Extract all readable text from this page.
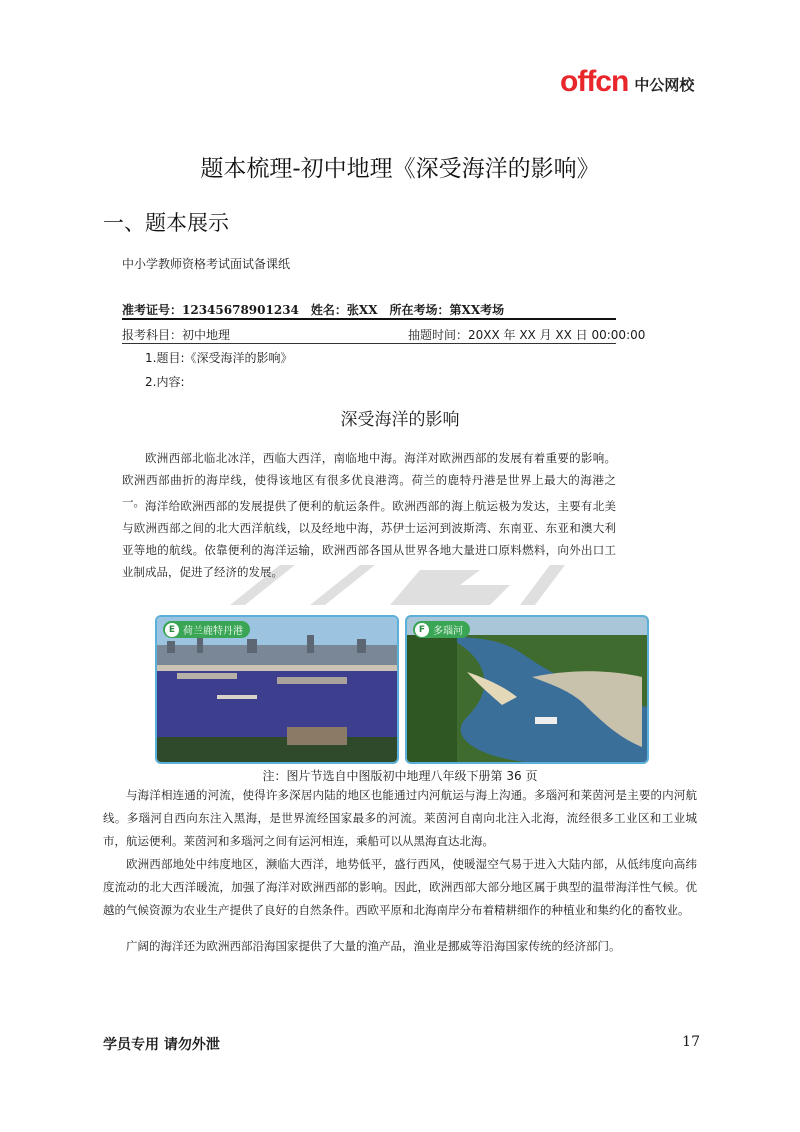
offcn 中公网校
题本梳理-初中地理《深受海洋的影响》
一、题本展示
中小学教师资格考试面试备课纸
准考证号：12345678901234　姓名：张XX　所在考场：第XX考场
报考科目：初中地理	抽题时间：20XX 年 XX 月 XX 日 00:00:00
1.题目:《深受海洋的影响》
2.内容:
深受海洋的影响

欧洲西部北临北冰洋，西临大西洋，南临地中海。海洋对欧洲西部的发展有着重要的影响。欧洲西部曲折的海岸线，使得该地区有很多优良港湾。荷兰的鹿特丹港是世界上最大的海港之一。 海洋给欧洲西部的发展提供了便利的航运条件。欧洲西部的海上航运极为发达，主要有北美与欧洲西部之间的北大西洋航线，以及经地中海，苏伊士运河到波斯湾、东南亚、东亚和澳大利亚等地的航线。依靠便利的海洋运输，欧洲西部各国从世界各地大量进口原料燃料，向外出口工业制成品，促进了经济的发展。

E 荷兰鹿特丹港	F 多瑙河
注：图片节选自中图版初中地理八年级下册第 36 页

与海洋相连通的河流，使得许多深居内陆的地区也能通过内河航运与海上沟通。多瑙河和莱茵河是主要的内河航线。多瑙河自西向东注入黑海，是世界流经国家最多的河流。莱茵河自南向北注入北海，流经很多工业区和工业城市，航运便利。莱茵河和多瑙河之间有运河相连，乘船可以从黑海直达北海。

欧洲西部地处中纬度地区，濒临大西洋，地势低平，盛行西风，使暖湿空气易于进入大陆内部，从低纬度向高纬度流动的北大西洋暖流，加强了海洋对欧洲西部的影响。因此，欧洲西部大部分地区属于典型的温带海洋性气候。优越的气候资源为农业生产提供了良好的自然条件。西欧平原和北海南岸分布着精耕细作的种植业和集约化的畜牧业。

广阔的海洋还为欧洲西部沿海国家提供了大量的渔产品，渔业是挪威等沿海国家传统的经济部门。

学员专用 请勿外泄	17
